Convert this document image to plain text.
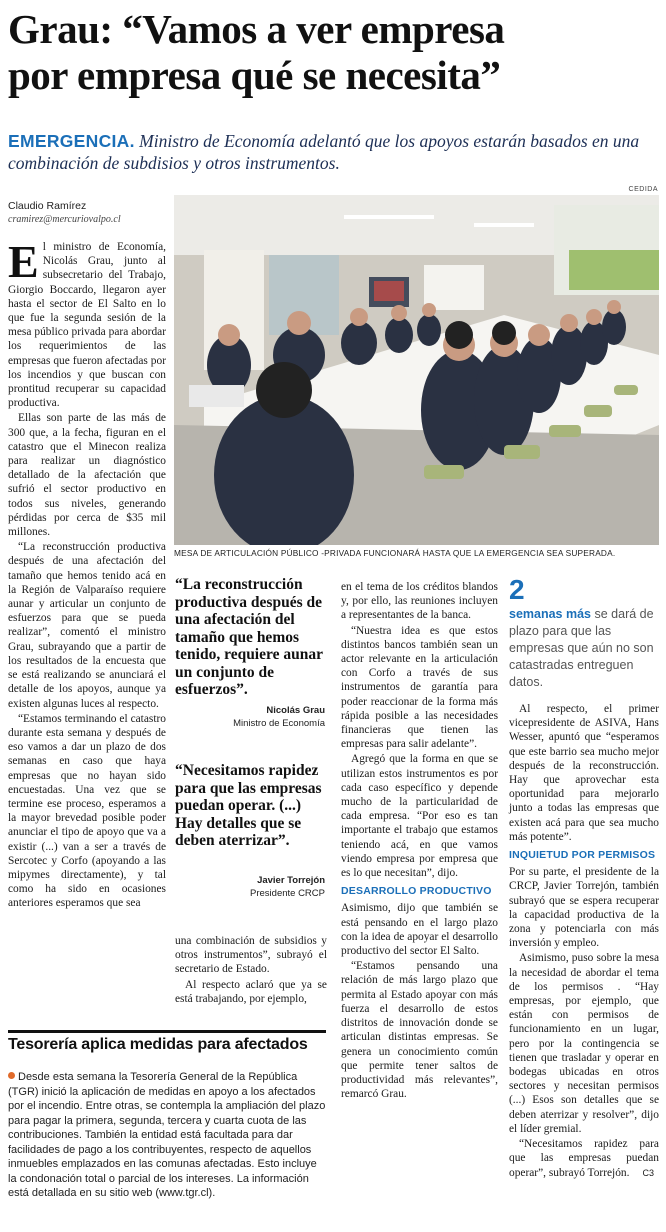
Grau: “Vamos a ver empresa
por empresa qué se necesita”

EMERGENCIA. Ministro de Economía adelantó que los apoyos estarán basados en una combinación de subdisios y otros instrumentos.

Claudio Ramírez
cramirez@mercuriovalpo.cl
CEDIDA
MESA DE ARTICULACIÓN PÚBLICO -PRIVADA FUNCIONARÁ HASTA QUE LA EMERGENCIA SEA SUPERADA.

El ministro de Economía, Nicolás Grau, junto al subsecretario del Trabajo, Giorgio Boccardo, llegaron ayer hasta el sector de El Salto en lo que fue la segunda sesión de la mesa público privada para abordar los requerimientos de las empresas que fueron afectadas por los incendios y que buscan con prontitud recuperar su capacidad productiva.

Ellas son parte de las más de 300 que, a la fecha, figuran en el catastro que el Minecon realiza para realizar un diagnóstico detallado de la afectación que sufrió el sector productivo en todos sus niveles, generando pérdidas por cerca de $35 mil millones.

“La reconstrucción productiva después de una afectación del tamaño que hemos tenido acá en la Región de Valparaíso requiere aunar y articular un conjunto de esfuerzos para que se pueda realizar”, comentó el ministro Grau, subrayando que a partir de los resultados de la encuesta que se está realizando se anunciará el detalle de los apoyos, aunque ya existen algunas luces al respecto.

“Estamos terminando el catastro durante esta semana y después de eso vamos a dar un plazo de dos semanas en caso que haya empresas que no hayan sido encuestadas. Una vez que se termine ese proceso, esperamos a la mayor brevedad posible poder anunciar el tipo de apoyo que va a existir (...) van a ser a través de Sercotec y Corfo (apoyando a las mipymes directamente), y tal como ha sido en ocasiones anteriores esperamos que sea

“La reconstrucción productiva después de una afectación del tamaño que hemos tenido, requiere aunar un conjunto de esfuerzos”.
Nicolás Grau
Ministro de Economía
“Necesitamos rapidez para que las empresas puedan operar. (...) Hay detalles que se deben aterrizar”.
Javier Torrejón
Presidente CRCP

una combinación de subsidios y otros instrumentos”, subrayó el secretario de Estado.

Al respecto aclaró que ya se está trabajando, por ejemplo,

en el tema de los créditos blandos y, por ello, las reuniones incluyen a representantes de la banca.

“Nuestra idea es que estos distintos bancos también sean un actor relevante en la articulación con Corfo a través de sus instrumentos de garantía para poder reaccionar de la forma más rápida posible a las necesidades financieras que tienen las empresas para salir adelante”.

Agregó que la forma en que se utilizan estos instrumentos es por cada caso específico y depende mucho de la particularidad de cada empresa. “Por eso es tan importante el trabajo que estamos teniendo acá, en que vamos viendo empresa por empresa que es lo que necesitan”, dijo.

DESARROLLO PRODUCTIVO

Asimismo, dijo que también se está pensando en el largo plazo con la idea de apoyar el desarrollo productivo del sector El Salto.

“Estamos pensando una relación de más largo plazo que permita al Estado apoyar con más fuerza el desarrollo de estos distritos de innovación donde se articulan distintas empresas. Se genera un conocimiento común que permite tener saltos de productividad más relevantes”, remarcó Grau.

2

semanas más se dará de plazo para que las empresas que aún no son catastradas entreguen datos.

Al respecto, el primer vicepresidente de ASIVA, Hans Wesser, apuntó que “esperamos que este barrio sea mucho mejor después de la reconstrucción. Hay que aprovechar esta oportunidad para mejorarlo junto a todas las empresas que existen acá para que sea mucho más potente”.

INQUIETUD POR PERMISOS

Por su parte, el presidente de la CRCP, Javier Torrejón, también subrayó que se espera recuperar la capacidad productiva de la zona y potenciarla con más inversión y empleo.

Asimismo, puso sobre la mesa la necesidad de abordar el tema de los permisos . “Hay empresas, por ejemplo, que están con permisos de funcionamiento en un lugar, pero por la contingencia se tienen que trasladar y operar en bodegas ubicadas en otros sectores y necesitan permisos (...) Esos son detalles que se deben aterrizar y resolver”, dijo el líder gremial.

“Necesitamos rapidez para que las empresas puedan operar”, subrayó Torrejón. C3

Tesorería aplica medidas para afectados

Desde esta semana la Tesorería General de la República (TGR) inició la aplicación de medidas en apoyo a los afectados por el incendio. Entre otras, se contempla la ampliación del plazo para pagar la primera, segunda, tercera y cuarta cuota de las contribuciones. También la entidad está facultada para dar facilidades de pago a los contribuyentes, respecto de aquellos inmuebles emplazados en las comunas afectadas. Esto incluye la condonación total o parcial de los intereses. La información está detallada en su sitio web (www.tgr.cl).
